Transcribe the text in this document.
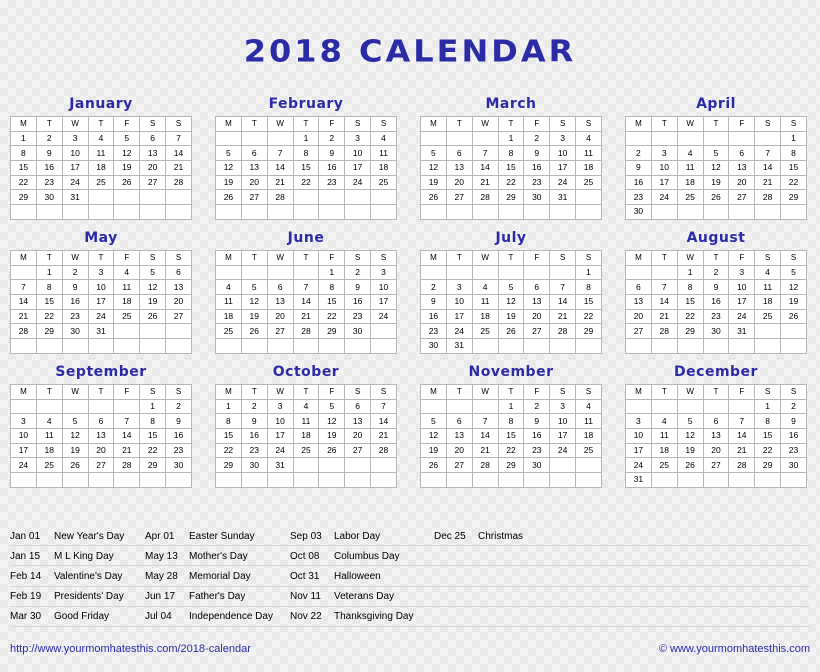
2018 CALENDAR
January
M	T	W	T	F	S	S
1	2	3	4	5	6	7
8	9	10	11	12	13	14
15	16	17	18	19	20	21
22	23	24	25	26	27	28
29	30	31				

February
M	T	W	T	F	S	S
			1	2	3	4
5	6	7	8	9	10	11
12	13	14	15	16	17	18
19	20	21	22	23	24	25
26	27	28				

March
M	T	W	T	F	S	S
			1	2	3	4
5	6	7	8	9	10	11
12	13	14	15	16	17	18
19	20	21	22	23	24	25
26	27	28	29	30	31	

April
M	T	W	T	F	S	S
						1
2	3	4	5	6	7	8
9	10	11	12	13	14	15
16	17	18	19	20	21	22
23	24	25	26	27	28	29
30						
May
M	T	W	T	F	S	S
	1	2	3	4	5	6
7	8	9	10	11	12	13
14	15	16	17	18	19	20
21	22	23	24	25	26	27
28	29	30	31			

June
M	T	W	T	F	S	S
				1	2	3
4	5	6	7	8	9	10
11	12	13	14	15	16	17
18	19	20	21	22	23	24
25	26	27	28	29	30	

July
M	T	W	T	F	S	S
						1
2	3	4	5	6	7	8
9	10	11	12	13	14	15
16	17	18	19	20	21	22
23	24	25	26	27	28	29
30	31					
August
M	T	W	T	F	S	S
		1	2	3	4	5
6	7	8	9	10	11	12
13	14	15	16	17	18	19
20	21	22	23	24	25	26
27	28	29	30	31		

September
M	T	W	T	F	S	S
					1	2
3	4	5	6	7	8	9
10	11	12	13	14	15	16
17	18	19	20	21	22	23
24	25	26	27	28	29	30

October
M	T	W	T	F	S	S
1	2	3	4	5	6	7
8	9	10	11	12	13	14
15	16	17	18	19	20	21
22	23	24	25	26	27	28
29	30	31				

November
M	T	W	T	F	S	S
			1	2	3	4
5	6	7	8	9	10	11
12	13	14	15	16	17	18
19	20	21	22	23	24	25
26	27	28	29	30		

December
M	T	W	T	F	S	S
					1	2
3	4	5	6	7	8	9
10	11	12	13	14	15	16
17	18	19	20	21	22	23
24	25	26	27	28	29	30
31						
http://www.yourmomhatesthis.com/2018-calendar	© www.yourmomhatesthis.com
Jan 01	New Year's Day
Jan 15	M L King Day
Feb 14	Valentine's Day
Feb 19	Presidents' Day
Mar 30	Good Friday
Apr 01	Easter Sunday
May 13	Mother's Day
May 28	Memorial Day
Jun 17	Father's Day
Jul 04	Independence Day
Sep 03	Labor Day
Oct 08	Columbus Day
Oct 31	Halloween
Nov 11	Veterans Day
Nov 22	Thanksgiving Day
Dec 25	Christmas
